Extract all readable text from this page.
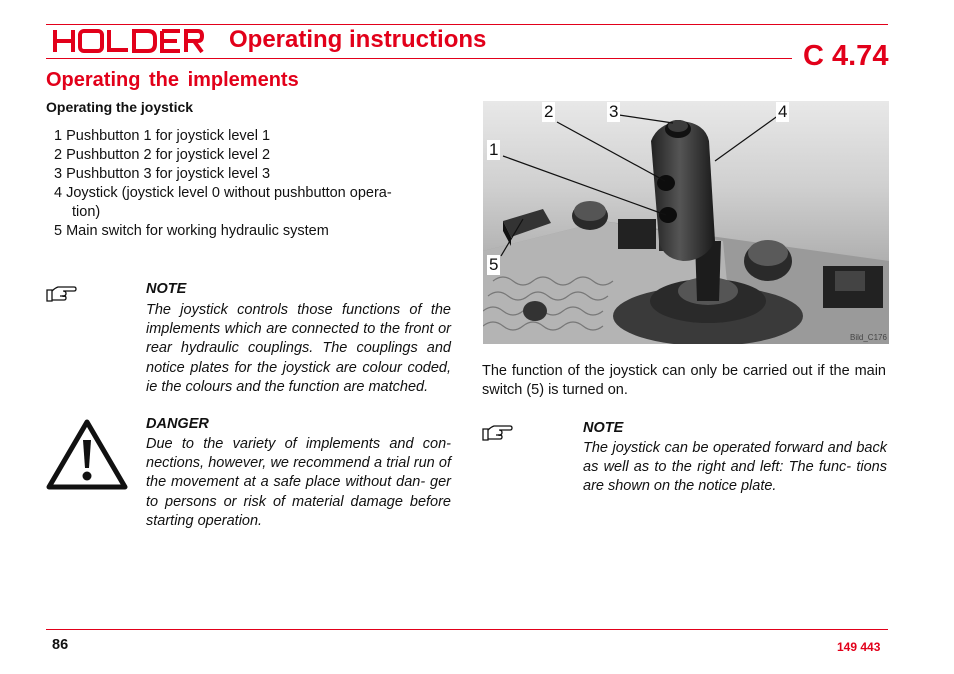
Operating instructions
C 4.74
Operating the implements
Operating the joystick
1 Pushbutton 1 for joystick level 1
2 Pushbutton 2 for joystick level 2
3 Pushbutton 3 for joystick level 3
4 Joystick (joystick level 0 without pushbutton opera-
tion)
5 Main switch for working hydraulic system
NOTE

The joystick controls those functions of the implements which are connected to the front or rear hydraulic couplings. The couplings and notice plates for the joystick are colour coded, ie the colours and the function are matched.

DANGER

Due to the variety of implements and con- nections, however, we recommend a trial run of the movement at a safe place without dan- ger to persons or risk of material damage before starting operation.

2	3	4
1
5
Bild_C176

The function of the joystick can only be carried out if the main switch (5) is turned on.

NOTE

The joystick can be operated forward and back as well as to the right and left: The func- tions are shown on the notice plate.

86	149 443
